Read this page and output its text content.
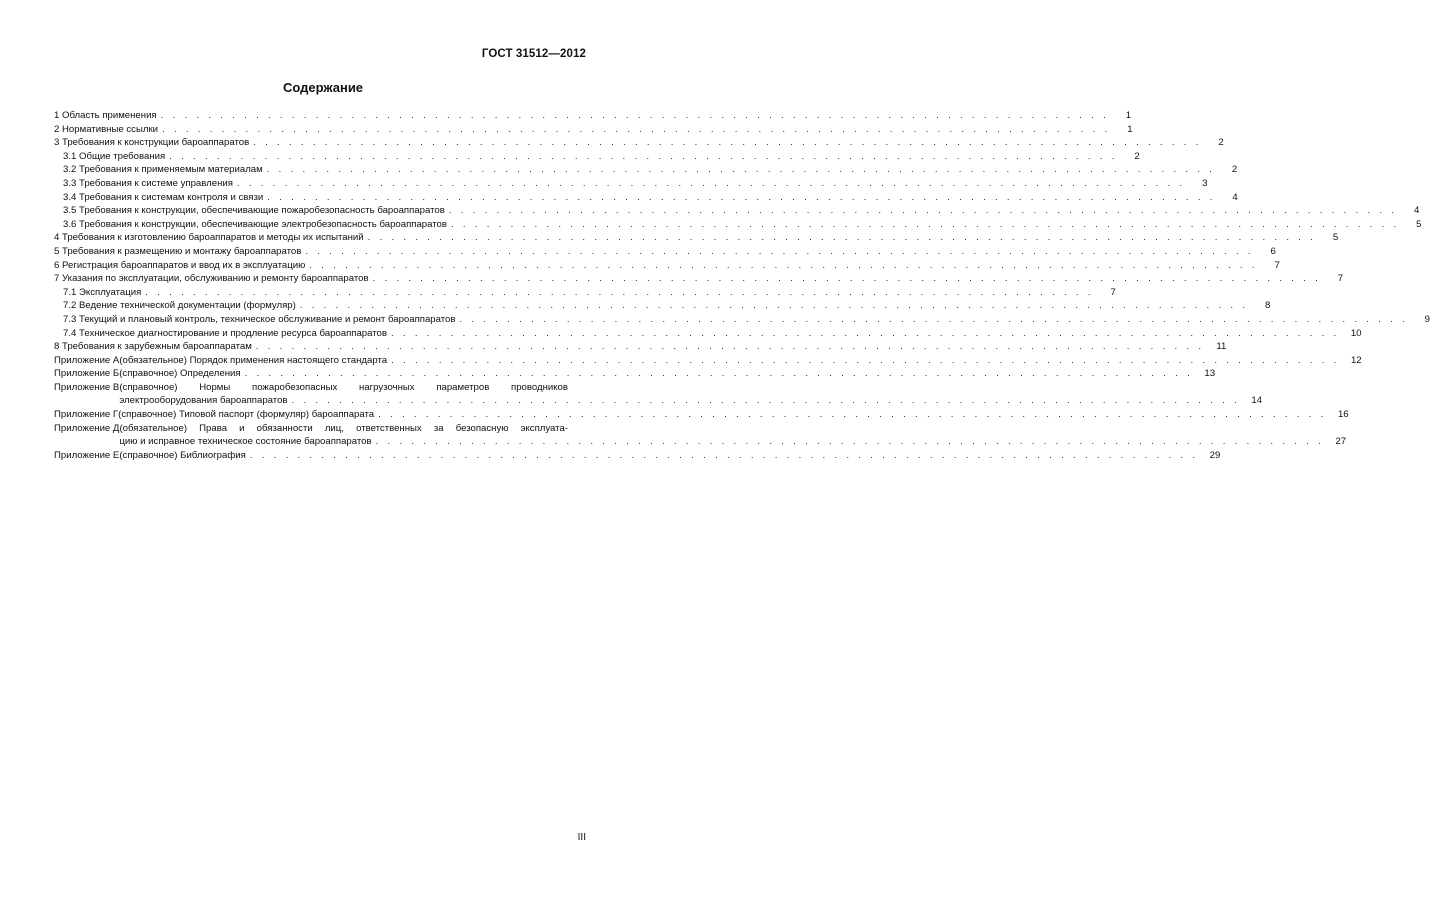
ГОСТ 31512—2012
Содержание
1 Область применения . . . . . . . . . . . . . . . . . . . . . . . . . . . . . . . . . . . . . . . . . . . . . . . . . . . . . . . . . . . . . . . . . . . . . . . . . . . . . . . .	1
2 Нормативные ссылки . . . . . . . . . . . . . . . . . . . . . . . . . . . . . . . . . . . . . . . . . . . . . . . . . . . . . . . . . . . . . . . . . . . . . . . . . . . . . . . .	1
3 Требования к конструкции бароаппаратов . . . . . . . . . . . . . . . . . . . . . . . . . . . . . . . . . . . . . . . . . . . . . . . . . . . . . . . . . . . . . . . . . . . . . . . . . . . . . . . .	2
3.1 Общие требования . . . . . . . . . . . . . . . . . . . . . . . . . . . . . . . . . . . . . . . . . . . . . . . . . . . . . . . . . . . . . . . . . . . . . . . . . . . . . . . .	2
3.2 Требования к применяемым материалам . . . . . . . . . . . . . . . . . . . . . . . . . . . . . . . . . . . . . . . . . . . . . . . . . . . . . . . . . . . . . . . . . . . . . . . . . . . . . . . .	2
3.3 Требования к системе управления . . . . . . . . . . . . . . . . . . . . . . . . . . . . . . . . . . . . . . . . . . . . . . . . . . . . . . . . . . . . . . . . . . . . . . . . . . . . . . . .	3
3.4 Требования к системам контроля и связи . . . . . . . . . . . . . . . . . . . . . . . . . . . . . . . . . . . . . . . . . . . . . . . . . . . . . . . . . . . . . . . . . . . . . . . . . . . . . . . .	4
3.5 Требования к конструкции, обеспечивающие пожаробезопасность бароаппаратов . . . . . . . . . . . . . . . . . . . . . . . . . . . . . . . . . . . . . . . . . . . . . . . . . . . . . . . . . . . . . . . . . . . . . . . . . . . . . . . .	4
3.6 Требования к конструкции, обеспечивающие электробезопасность бароаппаратов . . . . . . . . . . . . . . . . . . . . . . . . . . . . . . . . . . . . . . . . . . . . . . . . . . . . . . . . . . . . . . . . . . . . . . . . . . . . . . . .	5
4 Требования к изготовлению бароаппаратов и методы их испытаний . . . . . . . . . . . . . . . . . . . . . . . . . . . . . . . . . . . . . . . . . . . . . . . . . . . . . . . . . . . . . . . . . . . . . . . . . . . . . . . .	5
5 Требования к размещению и монтажу бароаппаратов . . . . . . . . . . . . . . . . . . . . . . . . . . . . . . . . . . . . . . . . . . . . . . . . . . . . . . . . . . . . . . . . . . . . . . . . . . . . . . . .	6
6 Регистрация бароаппаратов и ввод их в эксплуатацию . . . . . . . . . . . . . . . . . . . . . . . . . . . . . . . . . . . . . . . . . . . . . . . . . . . . . . . . . . . . . . . . . . . . . . . . . . . . . . . .	7
7 Указания по эксплуатации, обслуживанию и ремонту бароаппаратов . . . . . . . . . . . . . . . . . . . . . . . . . . . . . . . . . . . . . . . . . . . . . . . . . . . . . . . . . . . . . . . . . . . . . . . . . . . . . . . .	7
7.1 Эксплуатация . . . . . . . . . . . . . . . . . . . . . . . . . . . . . . . . . . . . . . . . . . . . . . . . . . . . . . . . . . . . . . . . . . . . . . . . . . . . . . . .	7
7.2 Ведение технической документации (формуляр) . . . . . . . . . . . . . . . . . . . . . . . . . . . . . . . . . . . . . . . . . . . . . . . . . . . . . . . . . . . . . . . . . . . . . . . . . . . . . . . .	8
7.3 Текущий и плановый контроль, техническое обслуживание и ремонт бароаппаратов . . . . . . . . . . . . . . . . . . . . . . . . . . . . . . . . . . . . . . . . . . . . . . . . . . . . . . . . . . . . . . . . . . . . . . . . . . . . . . . .	9
7.4 Техническое диагностирование и продление ресурса бароаппаратов . . . . . . . . . . . . . . . . . . . . . . . . . . . . . . . . . . . . . . . . . . . . . . . . . . . . . . . . . . . . . . . . . . . . . . . . . . . . . . . .	10
8 Требования к зарубежным бароаппаратам . . . . . . . . . . . . . . . . . . . . . . . . . . . . . . . . . . . . . . . . . . . . . . . . . . . . . . . . . . . . . . . . . . . . . . . . . . . . . . . .	11
Приложение А (обязательное) Порядок применения настоящего стандарта . . . . . . . . . . . . . . . . . . . . . . . . . . . . . . . . . . . . . . . . . . . . . . . . . . . . . . . . . . . . . . . . . . . . . . . . . . . . . . . .	12
Приложение Б (справочное) Определения . . . . . . . . . . . . . . . . . . . . . . . . . . . . . . . . . . . . . . . . . . . . . . . . . . . . . . . . . . . . . . . . . . . . . . . . . . . . . . . .	13
Приложение В (справочное) Нормы пожаробезопасных нагрузочных параметров проводников
электрооборудования бароаппаратов . . . . . . . . . . . . . . . . . . . . . . . . . . . . . . . . . . . . . . . . . . . . . . . . . . . . . . . . . . . . . . . . . . . . . . . . . . . . . . . .	14
Приложение Г (справочное) Типовой паспорт (формуляр) бароаппарата . . . . . . . . . . . . . . . . . . . . . . . . . . . . . . . . . . . . . . . . . . . . . . . . . . . . . . . . . . . . . . . . . . . . . . . . . . . . . . . .	16
Приложение Д (обязательное) Права и обязанности лиц, ответственных за безопасную эксплуата-
цию и исправное техническое состояние бароаппаратов . . . . . . . . . . . . . . . . . . . . . . . . . . . . . . . . . . . . . . . . . . . . . . . . . . . . . . . . . . . . . . . . . . . . . . . . . . . . . . . .	27
Приложение Е (справочное) Библиография . . . . . . . . . . . . . . . . . . . . . . . . . . . . . . . . . . . . . . . . . . . . . . . . . . . . . . . . . . . . . . . . . . . . . . . . . . . . . . . .	29
III
